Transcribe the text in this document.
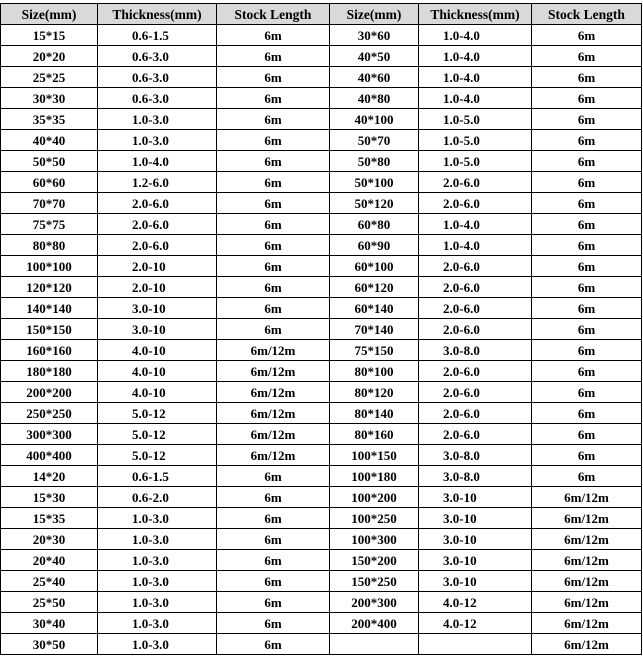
Size(mm)	Thickness(mm)	Stock Length	Size(mm)	Thickness(mm)	Stock Length
15*15	0.6-1.5	6m	30*60	1.0-4.0	6m
20*20	0.6-3.0	6m	40*50	1.0-4.0	6m
25*25	0.6-3.0	6m	40*60	1.0-4.0	6m
30*30	0.6-3.0	6m	40*80	1.0-4.0	6m
35*35	1.0-3.0	6m	40*100	1.0-5.0	6m
40*40	1.0-3.0	6m	50*70	1.0-5.0	6m
50*50	1.0-4.0	6m	50*80	1.0-5.0	6m
60*60	1.2-6.0	6m	50*100	2.0-6.0	6m
70*70	2.0-6.0	6m	50*120	2.0-6.0	6m
75*75	2.0-6.0	6m	60*80	1.0-4.0	6m
80*80	2.0-6.0	6m	60*90	1.0-4.0	6m
100*100	2.0-10	6m	60*100	2.0-6.0	6m
120*120	2.0-10	6m	60*120	2.0-6.0	6m
140*140	3.0-10	6m	60*140	2.0-6.0	6m
150*150	3.0-10	6m	70*140	2.0-6.0	6m
160*160	4.0-10	6m/12m	75*150	3.0-8.0	6m
180*180	4.0-10	6m/12m	80*100	2.0-6.0	6m
200*200	4.0-10	6m/12m	80*120	2.0-6.0	6m
250*250	5.0-12	6m/12m	80*140	2.0-6.0	6m
300*300	5.0-12	6m/12m	80*160	2.0-6.0	6m
400*400	5.0-12	6m/12m	100*150	3.0-8.0	6m
14*20	0.6-1.5	6m	100*180	3.0-8.0	6m
15*30	0.6-2.0	6m	100*200	3.0-10	6m/12m
15*35	1.0-3.0	6m	100*250	3.0-10	6m/12m
20*30	1.0-3.0	6m	100*300	3.0-10	6m/12m
20*40	1.0-3.0	6m	150*200	3.0-10	6m/12m
25*40	1.0-3.0	6m	150*250	3.0-10	6m/12m
25*50	1.0-3.0	6m	200*300	4.0-12	6m/12m
30*40	1.0-3.0	6m	200*400	4.0-12	6m/12m
30*50	1.0-3.0	6m			6m/12m
